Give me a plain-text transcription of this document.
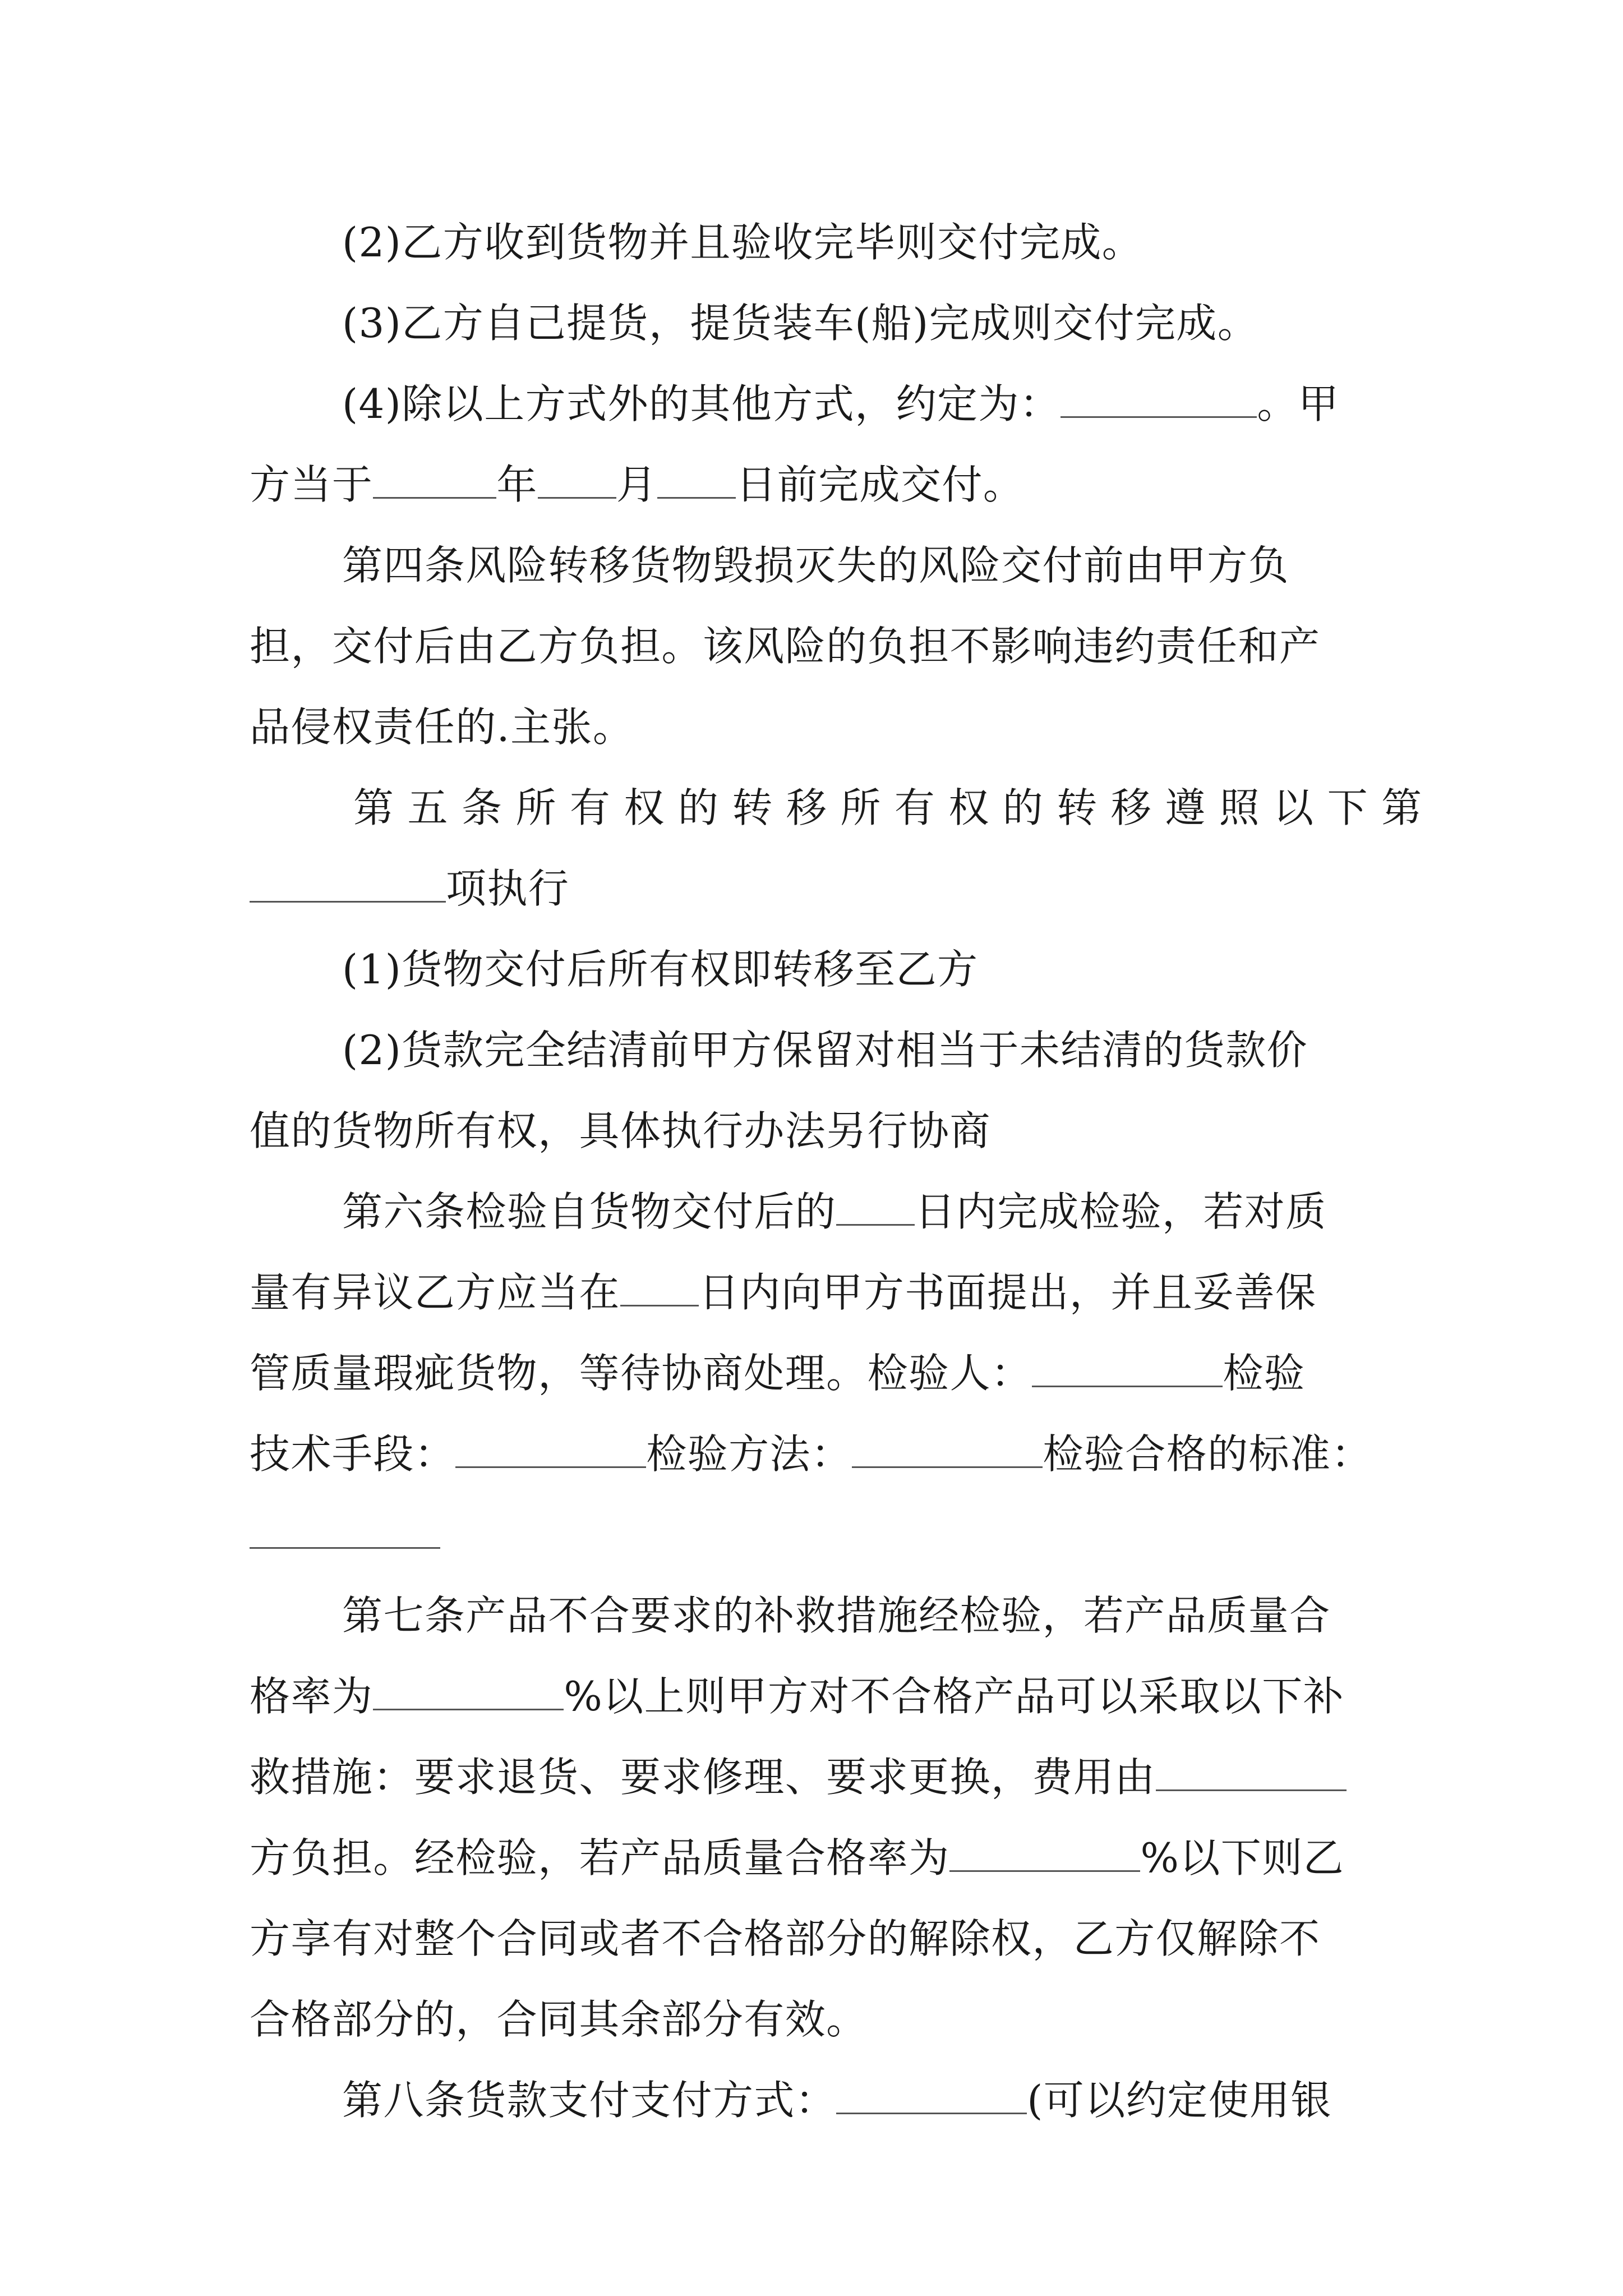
(2)乙方收到货物并且验收完毕则交付完成。
(3)乙方自己提货，提货装车(船)完成则交付完成。
(4)除以上方式外的其他方式，约定为：	。甲
方当于	年 月 日前完成交付。
第四条风险转移货物毁损灭失的风险交付前由甲方负
担，交付后由乙方负担。该风险的负担不影响违约责任和产
品侵权责任的.主张。
第五条所有权的转移所有权的转移遵照以下第
项执行
(1)货物交付后所有权即转移至乙方
(2)货款完全结清前甲方保留对相当于未结清的货款价
值的货物所有权，具体执行办法另行协商
第六条检验自货物交付后的 日内完成检验，若对质
量有异议乙方应当在 日内向甲方书面提出，并且妥善保
管质量瑕疵货物，等待协商处理。检验人：	检验
技术手段：	检验方法：	检验合格的标准：
第七条产品不合要求的补救措施经检验，若产品质量合
格率为	%以上则甲方对不合格产品可以采取以下补
救措施：要求退货、要求修理、要求更换，费用由
方负担。经检验，若产品质量合格率为	%以下则乙
方享有对整个合同或者不合格部分的解除权，乙方仅解除不
合格部分的，合同其余部分有效。
第八条货款支付支付方式：	(可以约定使用银
